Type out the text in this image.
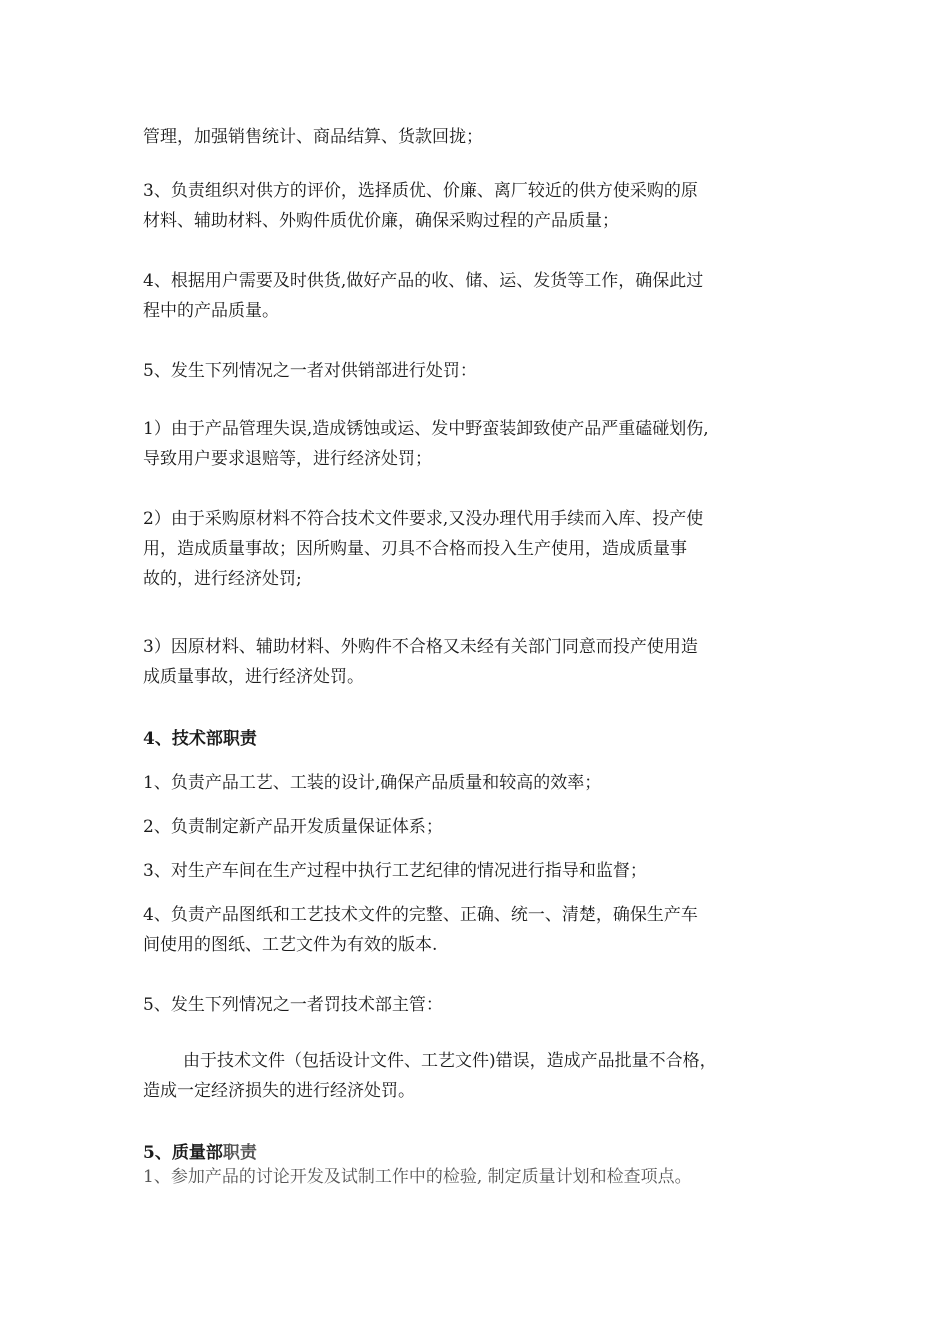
管理，加强销售统计、商品结算、货款回拢；
3、负责组织对供方的评价，选择质优、价廉、离厂较近的供方使采购的原
材料、辅助材料、外购件质优价廉，确保采购过程的产品质量；
4、根据用户需要及时供货,做好产品的收、储、运、发货等工作，确保此过
程中的产品质量。
5、发生下列情况之一者对供销部进行处罚：
1）由于产品管理失误,造成锈蚀或运、发中野蛮装卸致使产品严重磕碰划伤,
导致用户要求退赔等，进行经济处罚；
2）由于采购原材料不符合技术文件要求,又没办理代用手续而入库、投产使
用，造成质量事故；因所购量、刃具不合格而投入生产使用，造成质量事
故的，进行经济处罚;
3）因原材料、辅助材料、外购件不合格又未经有关部门同意而投产使用造
成质量事故，进行经济处罚。
4、技术部职责
1、负责产品工艺、工装的设计,确保产品质量和较高的效率；
2、负责制定新产品开发质量保证体系；
3、对生产车间在生产过程中执行工艺纪律的情况进行指导和监督；
4、负责产品图纸和工艺技术文件的完整、正确、统一、清楚，确保生产车
间使用的图纸、工艺文件为有效的版本.
5、发生下列情况之一者罚技术部主管：
由于技术文件（包括设计文件、工艺文件)错误，造成产品批量不合格，
造成一定经济损失的进行经济处罚。
5、质量部职责
1、参加产品的讨论开发及试制工作中的检验, 制定质量计划和检查项点。
